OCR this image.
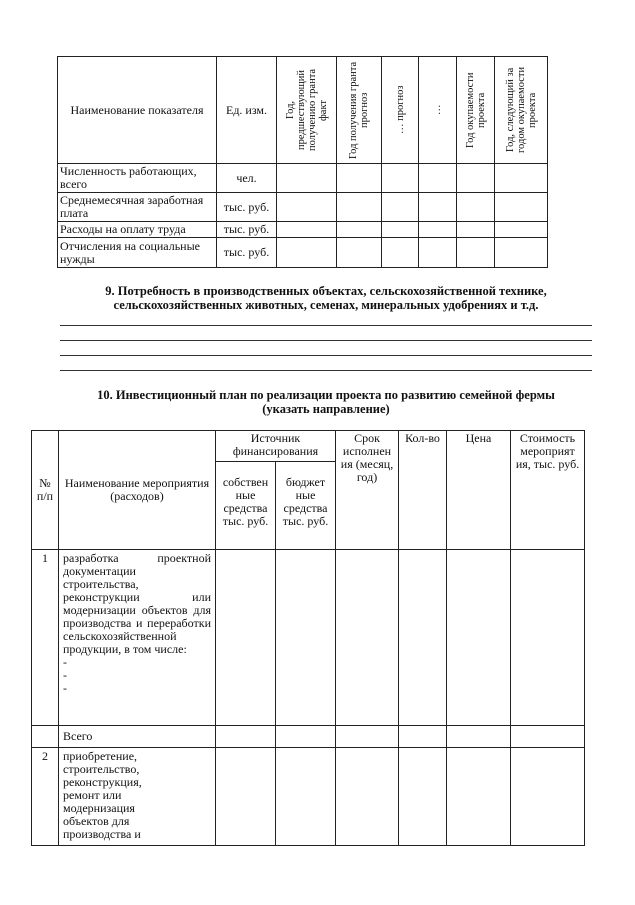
Наименование показателя	Ед. изм.	Год, предшествующий получению гранта факт	Год получения гранта прогноз	… прогноз	…	Год окупаемости проекта	Год, следующий за годом окупаемости проекта

Численность работающих, всего	чел.						
Среднемесячная заработная плата	тыс. руб.						
Расходы на оплату труда	тыс. руб.						
Отчисления на социальные нужды	тыс. руб.						
9. Потребность в производственных объектах, сельскохозяйственной технике,
сельскохозяйственных животных, семенах, минеральных удобрениях и т.д.
10. Инвестиционный план по реализации проекта по развитию семейной фермы
(указать направление)
№ п/п	Наименование мероприятия (расходов)	Источник финансирования		Срок исполнен ия (месяц, год)	Кол-во	Цена	Стоимость мероприят ия, тыс. руб.
		собствен ные средства тыс. руб.	бюджет ные средства тыс. руб.				
1	разработка проектной документации строительства, реконструкции или модернизации объектов для производства и переработки сельскохозяйственной продукции, в том числе:
-
-
-						

	Всего						
2	приобретение, строительство, реконструкция, ремонт или модернизация объектов для производства и						
